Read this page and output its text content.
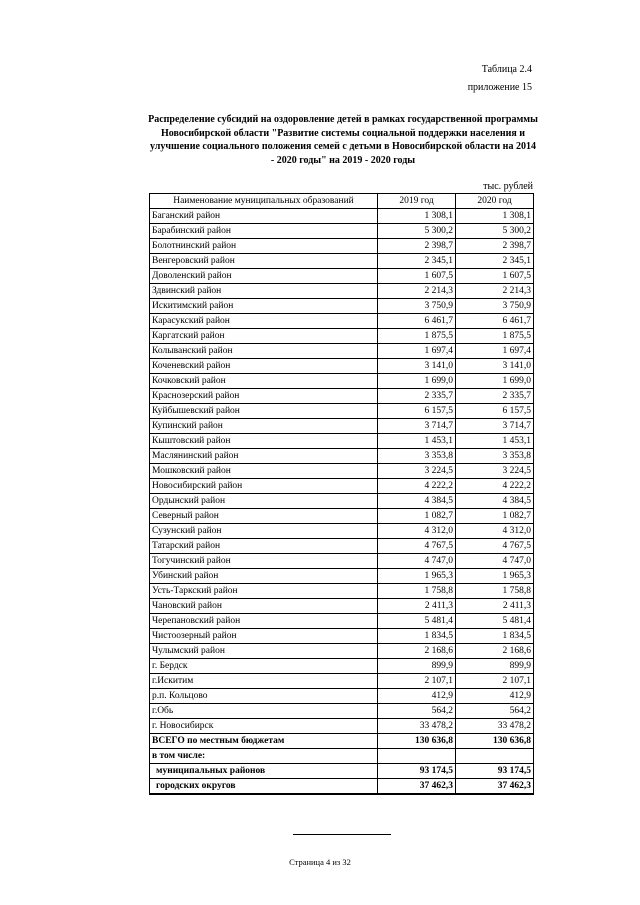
Таблица 2.4
приложение 15
Распределение субсидий на оздоровление детей в рамках государственной программы Новосибирской области "Развитие системы социальной поддержки населения и улучшение социального положения семей с детьми в Новосибирской области на 2014 - 2020 годы" на 2019 - 2020 годы
тыс. рублей
Наименование муниципальных образований	2019 год	2020 год
Баганский район	1 308,1	1 308,1
Барабинский район	5 300,2	5 300,2
Болотнинский район	2 398,7	2 398,7
Венгеровский район	2 345,1	2 345,1
Доволенский район	1 607,5	1 607,5
Здвинский район	2 214,3	2 214,3
Искитимский район	3 750,9	3 750,9
Карасукский район	6 461,7	6 461,7
Каргатский район	1 875,5	1 875,5
Колыванский район	1 697,4	1 697,4
Коченевский район	3 141,0	3 141,0
Кочковский район	1 699,0	1 699,0
Краснозерский район	2 335,7	2 335,7
Куйбышевский район	6 157,5	6 157,5
Купинский район	3 714,7	3 714,7
Кыштовский район	1 453,1	1 453,1
Маслянинский район	3 353,8	3 353,8
Мошковский район	3 224,5	3 224,5
Новосибирский район	4 222,2	4 222,2
Ордынский район	4 384,5	4 384,5
Северный район	1 082,7	1 082,7
Сузунский район	4 312,0	4 312,0
Татарский район	4 767,5	4 767,5
Тогучинский район	4 747,0	4 747,0
Убинский район	1 965,3	1 965,3
Усть-Таркский район	1 758,8	1 758,8
Чановский район	2 411,3	2 411,3
Черепановский район	5 481,4	5 481,4
Чистоозерный район	1 834,5	1 834,5
Чулымский район	2 168,6	2 168,6
г. Бердск	899,9	899,9
г.Искитим	2 107,1	2 107,1
р.п. Кольцово	412,9	412,9
г.Обь	564,2	564,2
г. Новосибирск	33 478,2	33 478,2
ВСЕГО по местным бюджетам	130 636,8	130 636,8
в том числе:		
муниципальных районов	93 174,5	93 174,5
городских округов	37 462,3	37 462,3
Страница 4 из 32
